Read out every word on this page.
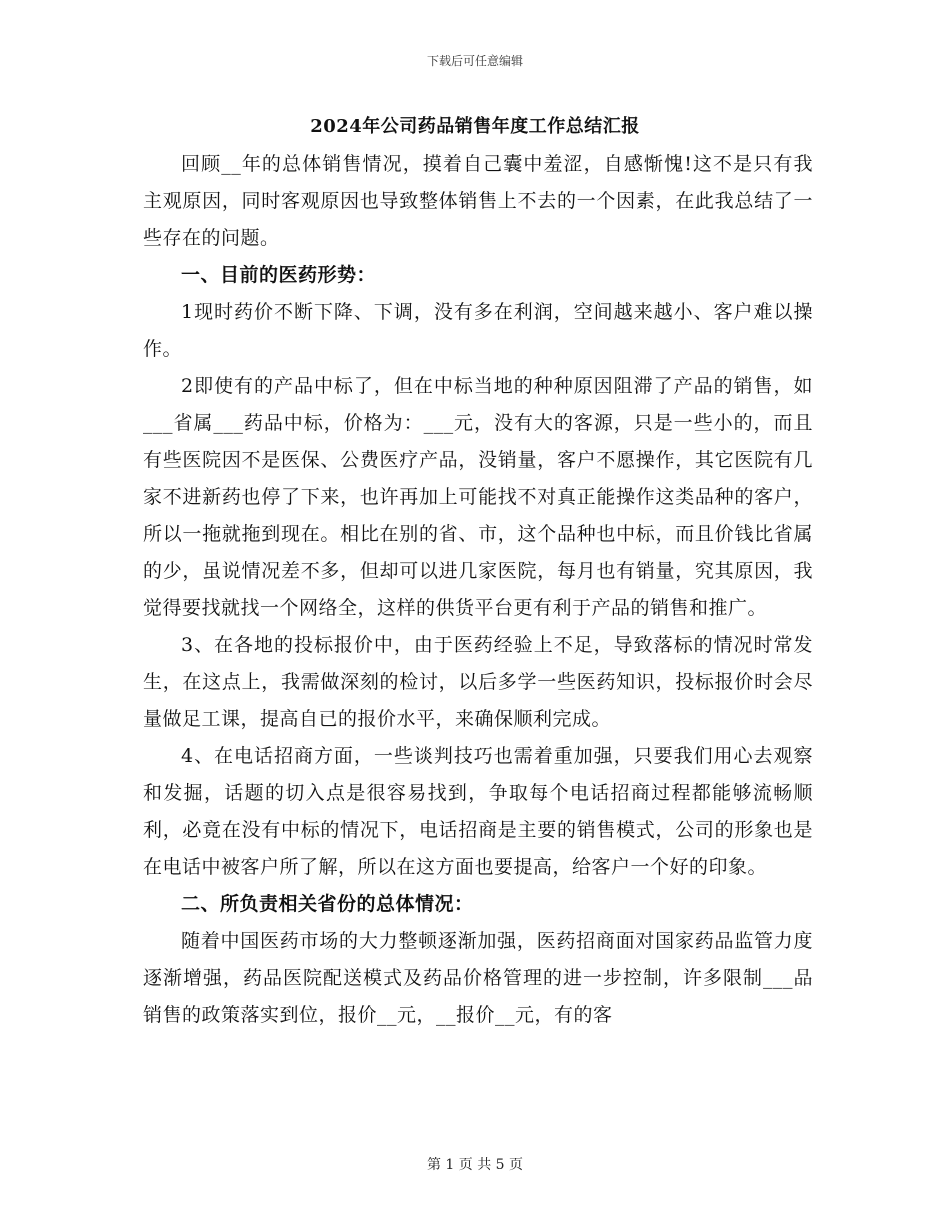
下载后可任意编辑
2024年公司药品销售年度工作总结汇报

回顾__年的总体销售情况，摸着自己囊中羞涩，自感惭愧!这不是只有我主观原因，同时客观原因也导致整体销售上不去的一个因素，在此我总结了一些存在的问题。

一、目前的医药形势：

1现时药价不断下降、下调，没有多在利润，空间越来越小、客户难以操作。

2即使有的产品中标了，但在中标当地的种种原因阻滞了产品的销售，如___省属___药品中标，价格为：___元，没有大的客源，只是一些小的，而且有些医院因不是医保、公费医疗产品，没销量，客户不愿操作，其它医院有几家不进新药也停了下来，也许再加上可能找不对真正能操作这类品种的客户，所以一拖就拖到现在。相比在别的省、市，这个品种也中标，而且价钱比省属的少，虽说情况差不多，但却可以进几家医院，每月也有销量，究其原因，我觉得要找就找一个网络全，这样的供货平台更有利于产品的销售和推广。

3、在各地的投标报价中，由于医药经验上不足，导致落标的情况时常发生，在这点上，我需做深刻的检讨，以后多学一些医药知识，投标报价时会尽量做足工课，提高自已的报价水平，来确保顺利完成。

4、在电话招商方面，一些谈判技巧也需着重加强，只要我们用心去观察和发掘，话题的切入点是很容易找到，争取每个电话招商过程都能够流畅顺利，必竟在没有中标的情况下，电话招商是主要的销售模式，公司的形象也是在电话中被客户所了解，所以在这方面也要提高，给客户一个好的印象。

二、所负责相关省份的总体情况：

随着中国医药市场的大力整顿逐渐加强，医药招商面对国家药品监管力度逐渐增强，药品医院配送模式及药品价格管理的进一步控制，许多限制___品销售的政策落实到位，报价__元，__报价__元，有的客

第 1 页 共 5 页
